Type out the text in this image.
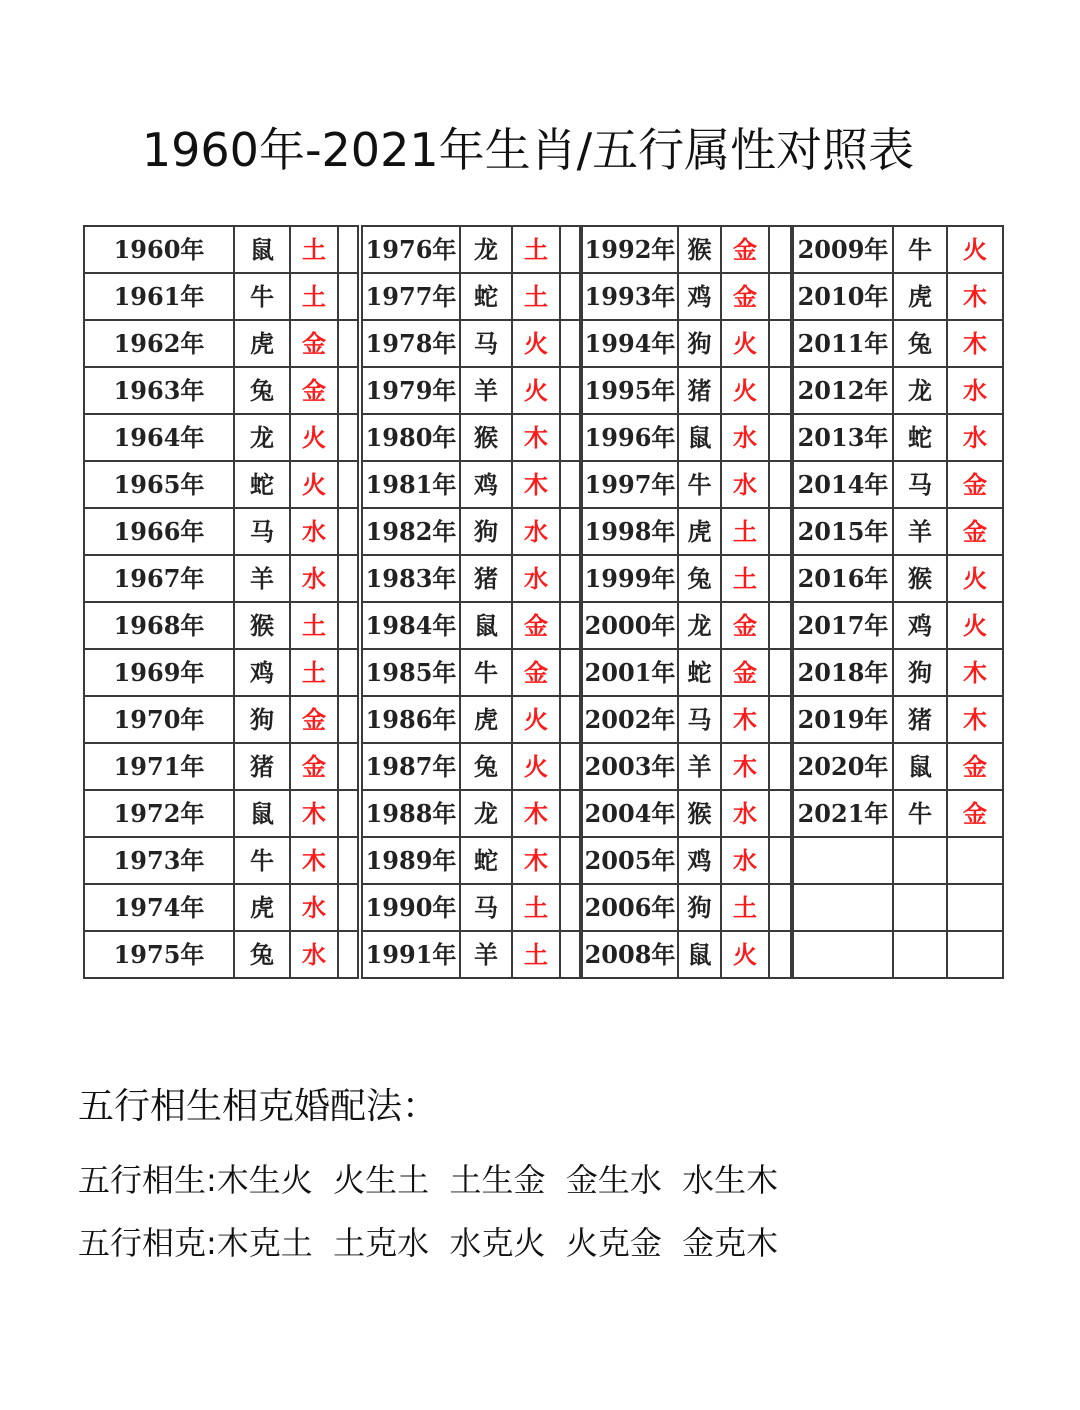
1960年-2021年生肖/五行属性对照表
1960年	鼠	土	
1961年	牛	土	
1962年	虎	金	
1963年	兔	金	
1964年	龙	火	
1965年	蛇	火	
1966年	马	水	
1967年	羊	水	
1968年	猴	土	
1969年	鸡	土	
1970年	狗	金	
1971年	猪	金	
1972年	鼠	木	
1973年	牛	木	
1974年	虎	水	
1975年	兔	水	
1976年	龙	土	
1977年	蛇	土	
1978年	马	火	
1979年	羊	火	
1980年	猴	木	
1981年	鸡	木	
1982年	狗	水	
1983年	猪	水	
1984年	鼠	金	
1985年	牛	金	
1986年	虎	火	
1987年	兔	火	
1988年	龙	木	
1989年	蛇	木	
1990年	马	土	
1991年	羊	土	
1992年	猴	金	
1993年	鸡	金	
1994年	狗	火	
1995年	猪	火	
1996年	鼠	水	
1997年	牛	水	
1998年	虎	土	
1999年	兔	土	
2000年	龙	金	
2001年	蛇	金	
2002年	马	木	
2003年	羊	木	
2004年	猴	水	
2005年	鸡	水	
2006年	狗	土	
2008年	鼠	火	
2009年	牛	火
2010年	虎	木
2011年	兔	木
2012年	龙	水
2013年	蛇	水
2014年	马	金
2015年	羊	金
2016年	猴	火
2017年	鸡	火
2018年	狗	木
2019年	猪	木
2020年	鼠	金
2021年	牛	金

五行相生相克婚配法：
五行相生:木生火  火生土  土生金  金生水  水生木
五行相克:木克土  土克水  水克火  火克金  金克木
